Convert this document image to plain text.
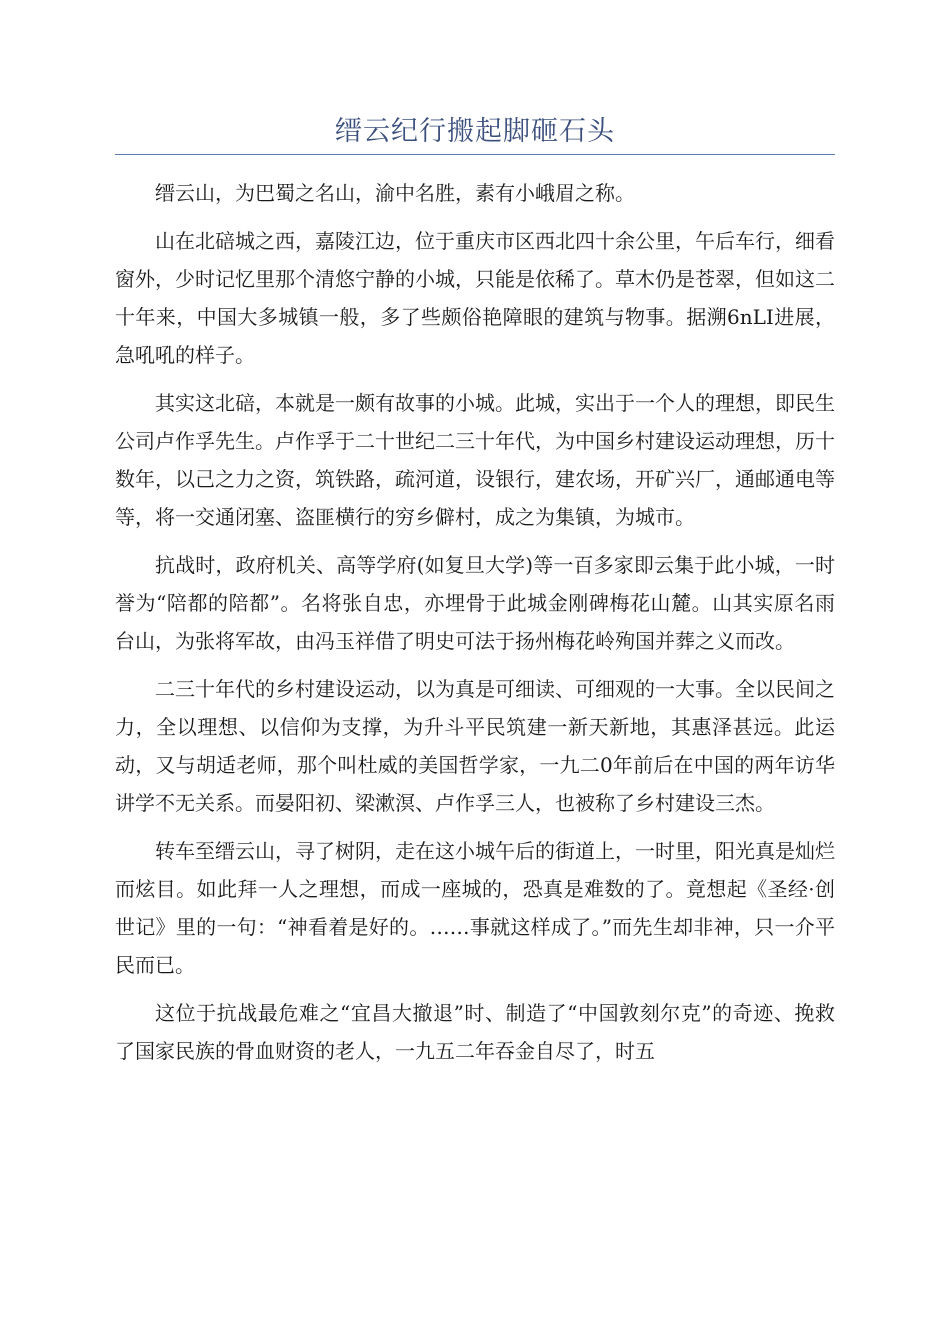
缙云纪行搬起脚砸石头

缙云山，为巴蜀之名山，渝中名胜，素有小峨眉之称。

山在北碚城之西，嘉陵江边，位于重庆市区西北四十余公里，午后车行，细看窗外，少时记忆里那个清悠宁静的小城，只能是依稀了。草木仍是苍翠，但如这二十年来，中国大多城镇一般，多了些颇俗艳障眼的建筑与物事。据溯6nLI进展，急吼吼的样子。

其实这北碚，本就是一颇有故事的小城。此城，实出于一个人的理想，即民生公司卢作孚先生。卢作孚于二十世纪二三十年代，为中国乡村建设运动理想，历十数年，以己之力之资，筑铁路，疏河道，设银行，建农场，开矿兴厂，通邮通电等等，将一交通闭塞、盗匪横行的穷乡僻村，成之为集镇，为城市。

抗战时，政府机关、高等学府(如复旦大学)等一百多家即云集于此小城，一时誉为“陪都的陪都”。名将张自忠，亦埋骨于此城金刚碑梅花山麓。山其实原名雨台山，为张将军故，由冯玉祥借了明史可法于扬州梅花岭殉国并葬之义而改。

二三十年代的乡村建设运动，以为真是可细读、可细观的一大事。全以民间之力，全以理想、以信仰为支撑，为升斗平民筑建一新天新地，其惠泽甚远。此运动，又与胡适老师，那个叫杜威的美国哲学家，一九二0年前后在中国的两年访华讲学不无关系。而晏阳初、梁漱溟、卢作孚三人，也被称了乡村建设三杰。

转车至缙云山，寻了树阴，走在这小城午后的街道上，一时里，阳光真是灿烂而炫目。如此拜一人之理想，而成一座城的，恐真是难数的了。竟想起《圣经·创世记》里的一句：“神看着是好的。……事就这样成了。”而先生却非神，只一介平民而已。

这位于抗战最危难之“宜昌大撤退”时、制造了“中国敦刻尔克”的奇迹、挽救了国家民族的骨血财资的老人，一九五二年吞金自尽了，时五
